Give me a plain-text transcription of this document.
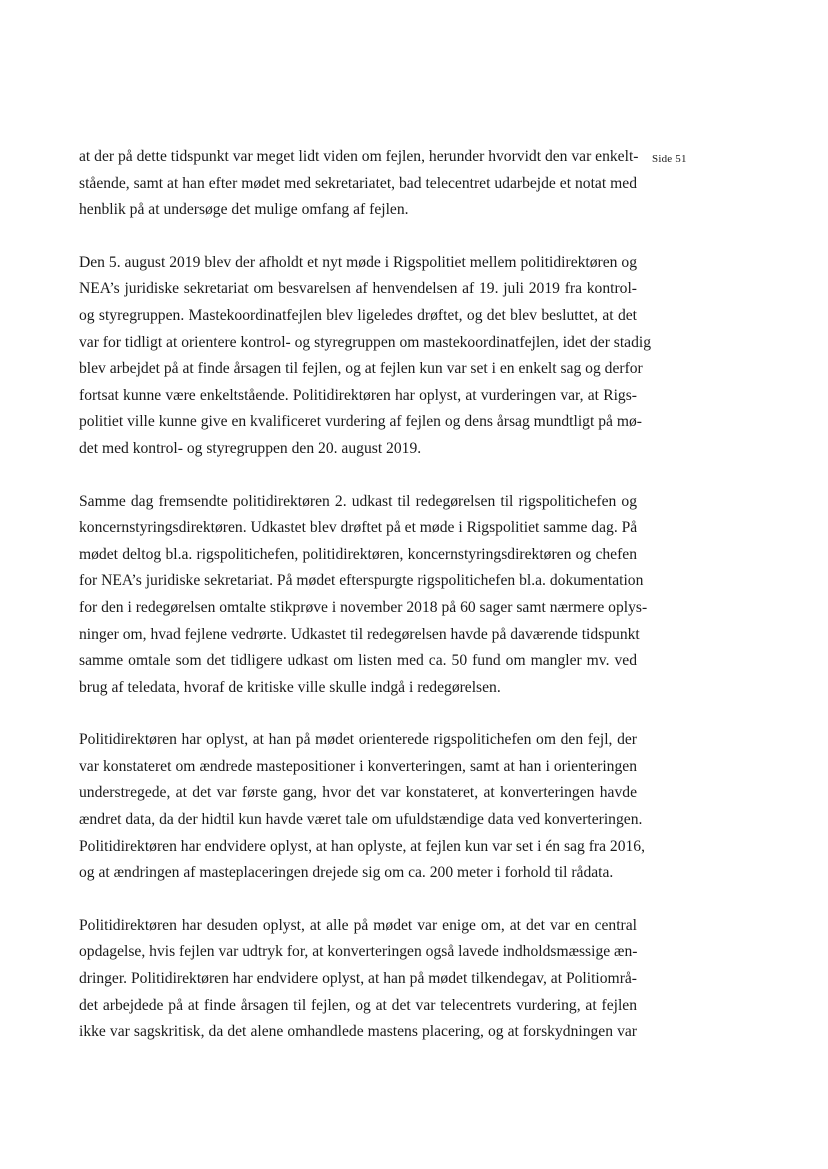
Side 51

at der på dette tidspunkt var meget lidt viden om fejlen, herunder hvorvidt den var enkelt-
stående, samt at han efter mødet med sekretariatet, bad telecentret udarbejde et notat med
henblik på at undersøge det mulige omfang af fejlen.

Den 5. august 2019 blev der afholdt et nyt møde i Rigspolitiet mellem politidirektøren og
NEA’s juridiske sekretariat om besvarelsen af henvendelsen af 19. juli 2019 fra kontrol-
og styregruppen. Mastekoordinatfejlen blev ligeledes drøftet, og det blev besluttet, at det
var for tidligt at orientere kontrol- og styregruppen om mastekoordinatfejlen, idet der stadig
blev arbejdet på at finde årsagen til fejlen, og at fejlen kun var set i en enkelt sag og derfor
fortsat kunne være enkeltstående. Politidirektøren har oplyst, at vurderingen var, at Rigs-
politiet ville kunne give en kvalificeret vurdering af fejlen og dens årsag mundtligt på mø-
det med kontrol- og styregruppen den 20. august 2019.

Samme dag fremsendte politidirektøren 2. udkast til redegørelsen til rigspolitichefen og
koncernstyringsdirektøren. Udkastet blev drøftet på et møde i Rigspolitiet samme dag. På
mødet deltog bl.a. rigspolitichefen, politidirektøren, koncernstyringsdirektøren og chefen
for NEA’s juridiske sekretariat. På mødet efterspurgte rigspolitichefen bl.a. dokumentation
for den i redegørelsen omtalte stikprøve i november 2018 på 60 sager samt nærmere oplys-
ninger om, hvad fejlene vedrørte. Udkastet til redegørelsen havde på daværende tidspunkt
samme omtale som det tidligere udkast om listen med ca. 50 fund om mangler mv. ved
brug af teledata, hvoraf de kritiske ville skulle indgå i redegørelsen.

Politidirektøren har oplyst, at han på mødet orienterede rigspolitichefen om den fejl, der
var konstateret om ændrede mastepositioner i konverteringen, samt at han i orienteringen
understregede, at det var første gang, hvor det var konstateret, at konverteringen havde
ændret data, da der hidtil kun havde været tale om ufuldstændige data ved konverteringen.
Politidirektøren har endvidere oplyst, at han oplyste, at fejlen kun var set i én sag fra 2016,
og at ændringen af masteplaceringen drejede sig om ca. 200 meter i forhold til rådata.

Politidirektøren har desuden oplyst, at alle på mødet var enige om, at det var en central
opdagelse, hvis fejlen var udtryk for, at konverteringen også lavede indholdsmæssige æn-
dringer. Politidirektøren har endvidere oplyst, at han på mødet tilkendegav, at Politiområ-
det arbejdede på at finde årsagen til fejlen, og at det var telecentrets vurdering, at fejlen
ikke var sagskritisk, da det alene omhandlede mastens placering, og at forskydningen var
